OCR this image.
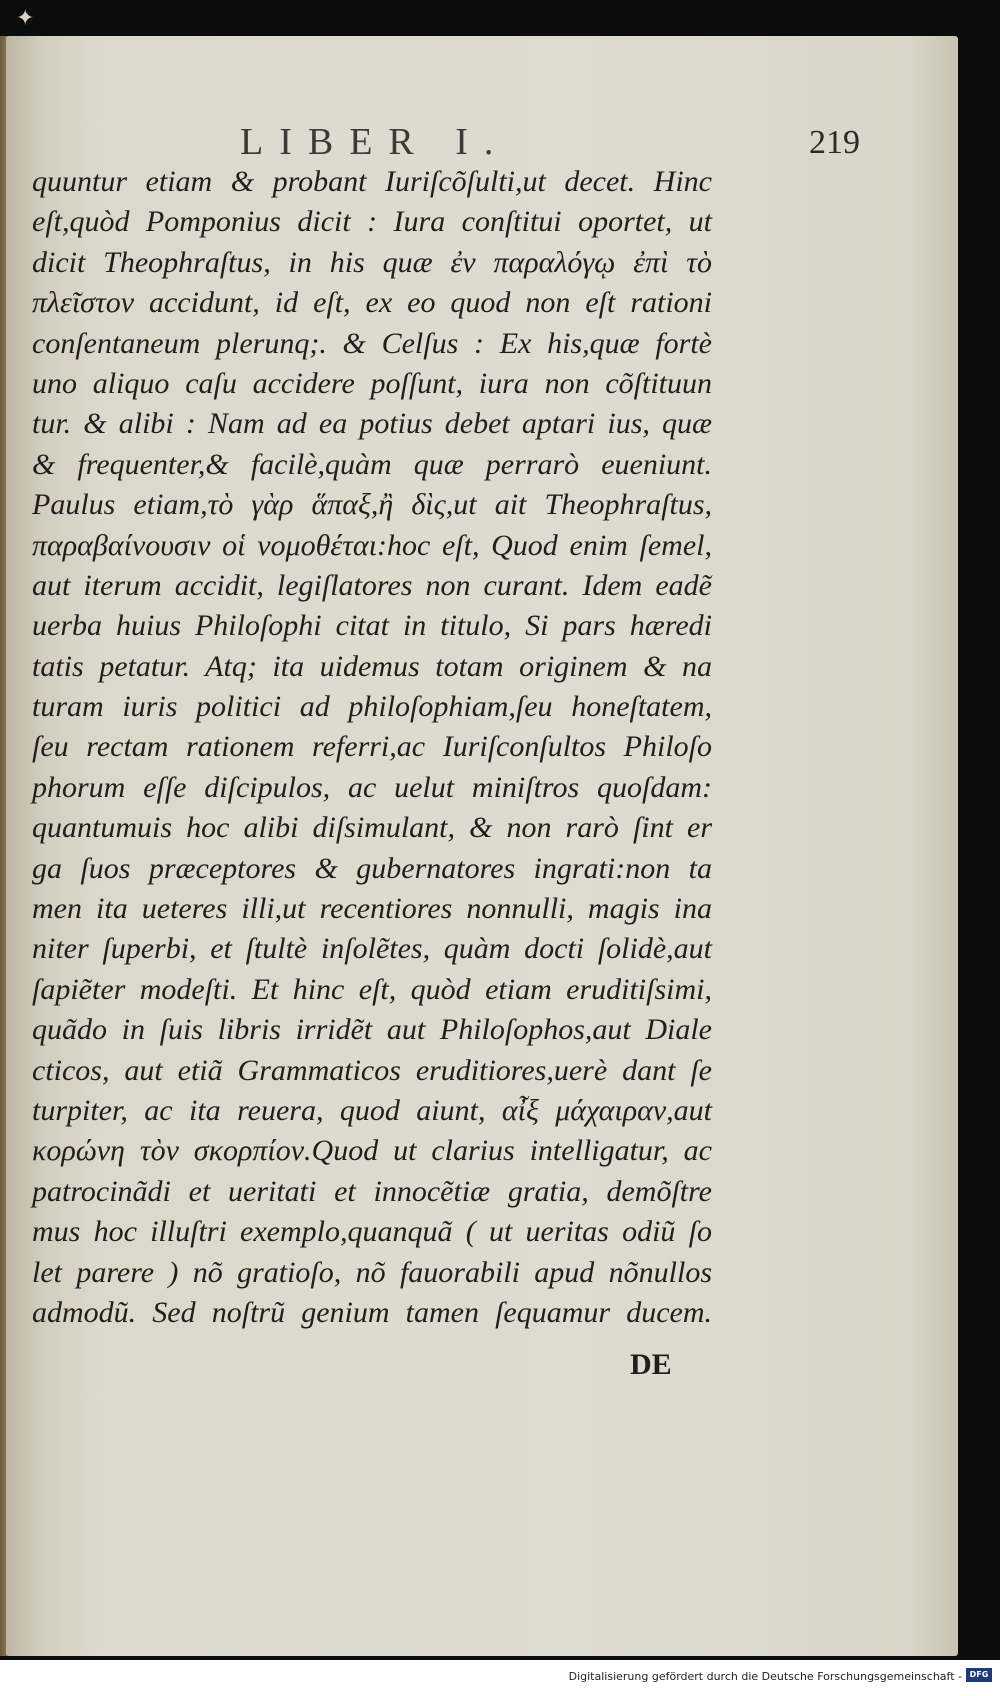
✦
LIBER I.	219
quuntur etiam & probant Iuriſcõſulti,ut decet. Hinc
eſt,quòd Pomponius dicit : Iura conſtitui oportet, ut
dicit Theophraſtus, in his quæ ἐν παραλόγῳ ἐπὶ τὸ
πλεῖστον accidunt, id eſt, ex eo quod non eſt rationi
conſentaneum plerunq;. & Celſus : Ex his,quæ fortè
uno aliquo caſu accidere poſſunt, iura non cõſtituun
tur. & alibi : Nam ad ea potius debet aptari ius, quæ
& frequenter,& facilè,quàm quæ perrarò eueniunt.
Paulus etiam,τὸ γὰρ ἅπαξ,ἢ δὶς,ut ait Theophraſtus,
παραβαίνουσιν οἱ νομοθέται:hoc eſt, Quod enim ſemel,
aut iterum accidit, legiſlatores non curant. Idem eadẽ
uerba huius Philoſophi citat in titulo, Si pars hæredi
tatis petatur. Atq; ita uidemus totam originem & na
turam iuris politici ad philoſophiam,ſeu honeſtatem,
ſeu rectam rationem referri,ac Iuriſconſultos Philoſo
phorum eſſe diſcipulos, ac uelut miniſtros quoſdam:
quantumuis hoc alibi diſsimulant, & non rarò ſint er
ga ſuos præceptores & gubernatores ingrati:non ta
men ita ueteres illi,ut recentiores nonnulli, magis ina
niter ſuperbi, et ſtultè inſolẽtes, quàm docti ſolidè,aut
ſapiẽter modeſti. Et hinc eſt, quòd etiam eruditiſsimi,
quãdo in ſuis libris irridẽt aut Philoſophos,aut Diale
cticos, aut etiã Grammaticos eruditiores,uerè dant ſe
turpiter, ac ita reuera, quod aiunt, αἶξ μάχαιραν,aut
κορώνη τὸν σκορπίον.Quod ut clarius intelligatur, ac
patrocinãdi et ueritati et innocẽtiæ gratia, demõſtre
mus hoc illuſtri exemplo,quanquã ( ut ueritas odiũ ſo
let parere ) nõ gratioſo, nõ fauorabili apud nõnullos
admodũ. Sed noſtrũ genium tamen ſequamur ducem.
DE
Digitalisierung gefördert durch die Deutsche Forschungsgemeinschaft - DFG
